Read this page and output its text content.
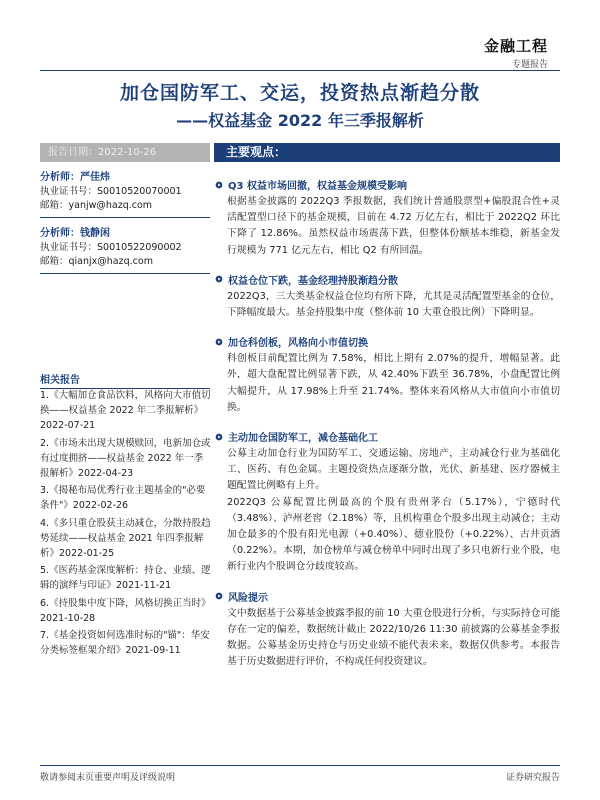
金融工程
专题报告
加仓国防军工、交运，投资热点渐趋分散
——权益基金 2022 年三季报解析
报告日期：2022-10-26	主要观点：
分析师：严佳炜
执业证书号：S0010520070001
邮箱：yanjw@hazq.com
分析师：钱静闲
执业证书号：S0010522090002
邮箱：qianjx@hazq.com
相关报告
1.《大幅加仓食品饮料，风格向大市值切换——权益基金 2022 年二季报解析》2022-07-21
2.《市场未出现大规模赎回，电新加仓或有过度拥挤——权益基金 2022 年一季报解析》2022-04-23
3.《揭秘布局优秀行业主题基金的"必要条件"》2022-02-26
4.《多只重仓股获主动减仓，分散持股趋势延续——权益基金 2021 年四季报解析》2022-01-25
5.《医药基金深度解析：持仓、业绩、逻辑的演绎与印证》2021-11-21
6.《持股集中度下降，风格切换正当时》2021-10-28
7.《基金投资如何选准时标的"锚"：华安分类标签框架介绍》2021-09-11
Q3 权益市场回撤，权益基金规模受影响

根据基金披露的 2022Q3 季报数据，我们统计普通股票型+偏股混合性+灵活配置型口径下的基金规模，目前在 4.72 万亿左右，相比于 2022Q2 环比下降了 12.86%。虽然权益市场震荡下跌，但整体份额基本维稳，新基金发行规模为 771 亿元左右，相比 Q2 有所回温。

权益仓位下跌，基金经理持股渐趋分散

2022Q3，三大类基金权益仓位均有所下降，尤其是灵活配置型基金的仓位，下降幅度最大。基金持股集中度（整体前 10 大重仓股比例）下降明显。

加仓科创板，风格向小市值切换

科创板目前配置比例为 7.58%，相比上期有 2.07%的提升，增幅显著。此外，超大盘配置比例显著下跌，从 42.40%下跌至 36.78%，小盘配置比例大幅提升，从 17.98%上升至 21.74%。整体来看风格从大市值向小市值切换。

主动加仓国防军工，减仓基础化工

公募主动加仓行业为国防军工、交通运输、房地产，主动减仓行业为基础化工、医药、有色金属。主题投资热点逐渐分散，光伏、新基建、医疗器械主题配置比例略有上升。

2022Q3 公募配置比例最高的个股有贵州茅台（5.17%），宁德时代（3.48%）、泸州老窖（2.18%）等，且机构重仓个股多出现主动减仓；主动加仓最多的个股有阳光电源（+0.40%）、德业股份（+0.22%）、古井贡酒（0.22%）。本期，加仓榜单与减仓榜单中同时出现了多只电新行业个股，电新行业内个股调仓分歧度较高。

风险提示

文中数据基于公募基金披露季报的前 10 大重仓股进行分析，与实际持仓可能存在一定的偏差，数据统计截止 2022/10/26 11:30 前披露的公募基金季报数据。公募基金历史持仓与历史业绩不能代表未来，数据仅供参考。本报告基于历史数据进行评价，不构成任何投资建议。

敬请参阅末页重要声明及评级说明	证券研究报告
